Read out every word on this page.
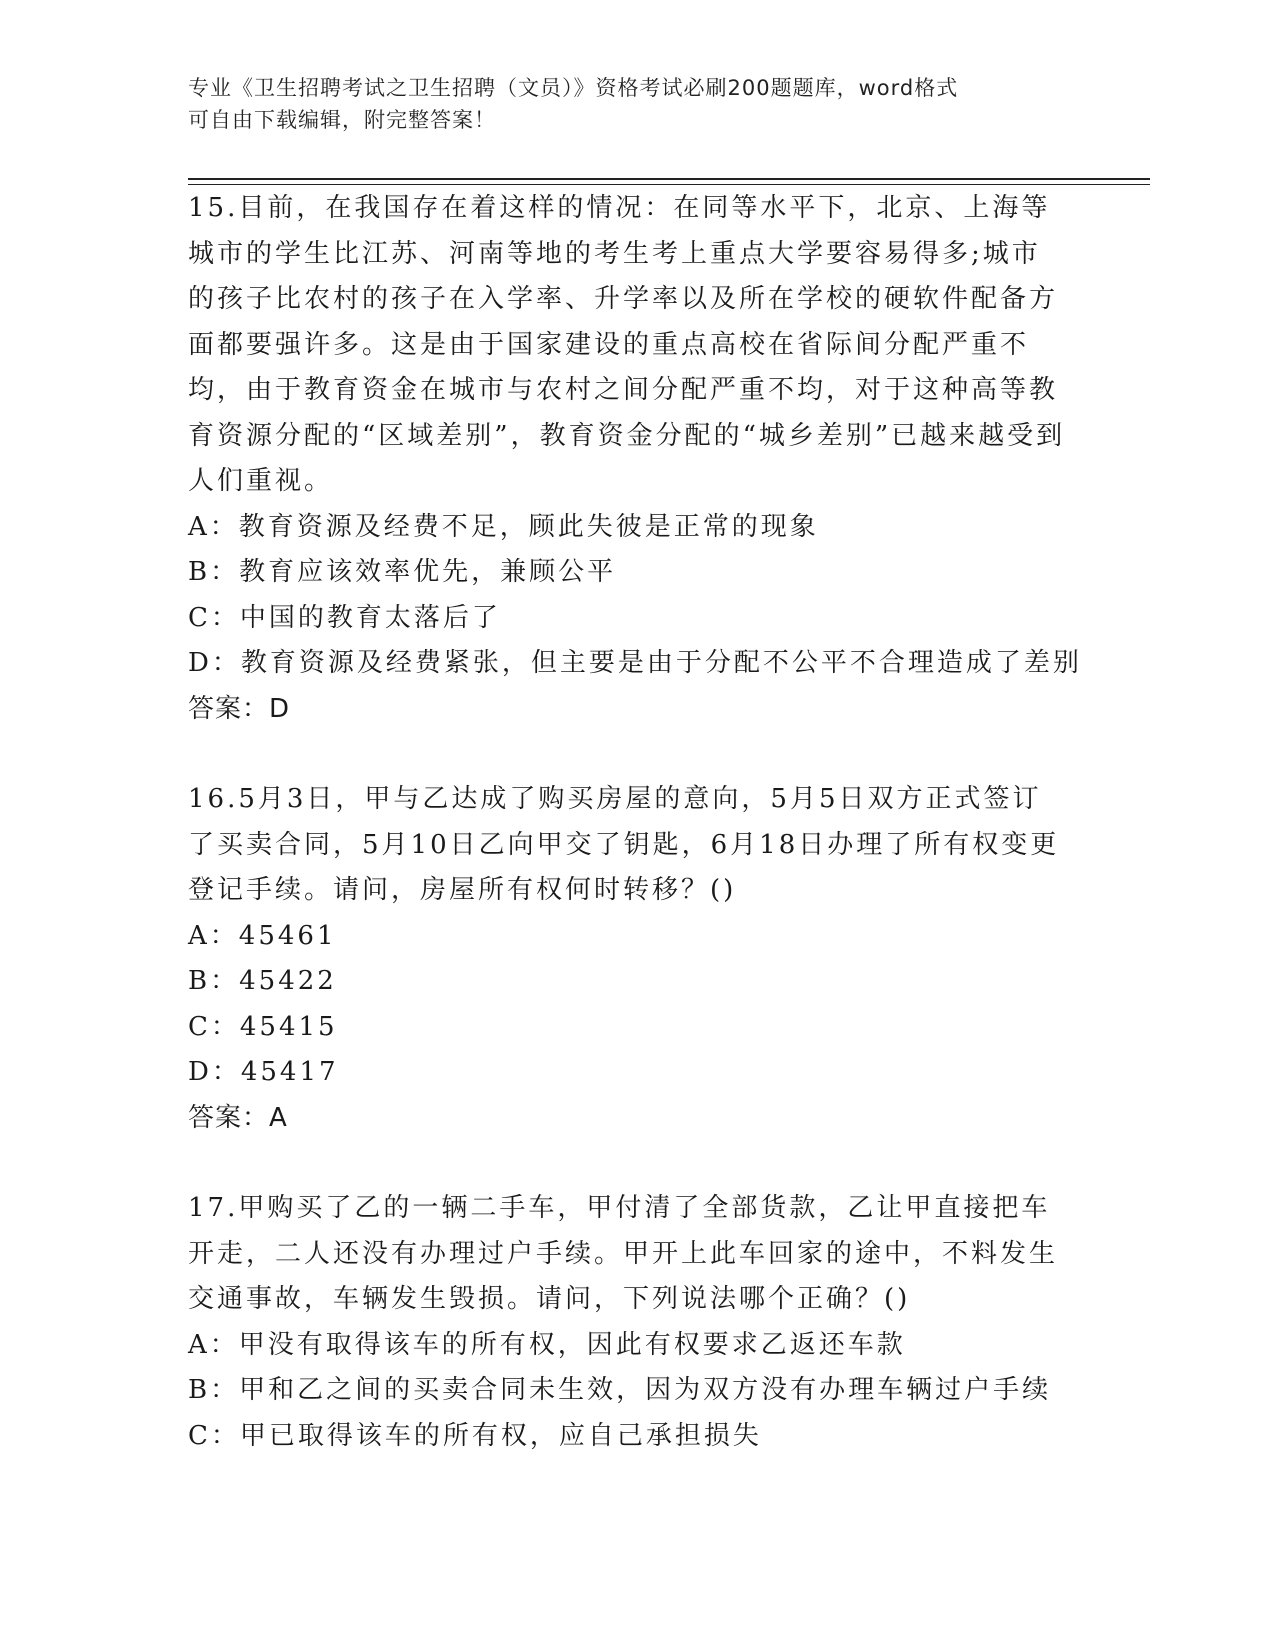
专业《卫生招聘考试之卫生招聘（文员）》资格考试必刷200题题库，word格式
可自由下载编辑，附完整答案！

15.目前，在我国存在着这样的情况：在同等水平下，北京、上海等城市的学生比江苏、河南等地的考生考上重点大学要容易得多;城市的孩子比农村的孩子在入学率、升学率以及所在学校的硬软件配备方面都要强许多。这是由于国家建设的重点高校在省际间分配严重不均，由于教育资金在城市与农村之间分配严重不均，对于这种高等教育资源分配的“区域差别”，教育资金分配的“城乡差别”已越来越受到人们重视。

A：教育资源及经费不足，顾此失彼是正常的现象

B：教育应该效率优先，兼顾公平

C：中国的教育太落后了

D：教育资源及经费紧张，但主要是由于分配不公平不合理造成了差别

答案：D

16.5月3日，甲与乙达成了购买房屋的意向，5月5日双方正式签订了买卖合同，5月10日乙向甲交了钥匙，6月18日办理了所有权变更登记手续。请问，房屋所有权何时转移？()

A：45461

B：45422

C：45415

D：45417

答案：A

17.甲购买了乙的一辆二手车，甲付清了全部货款，乙让甲直接把车开走，二人还没有办理过户手续。甲开上此车回家的途中，不料发生交通事故，车辆发生毁损。请问，下列说法哪个正确？()

A：甲没有取得该车的所有权，因此有权要求乙返还车款

B：甲和乙之间的买卖合同未生效，因为双方没有办理车辆过户手续

C：甲已取得该车的所有权，应自己承担损失
